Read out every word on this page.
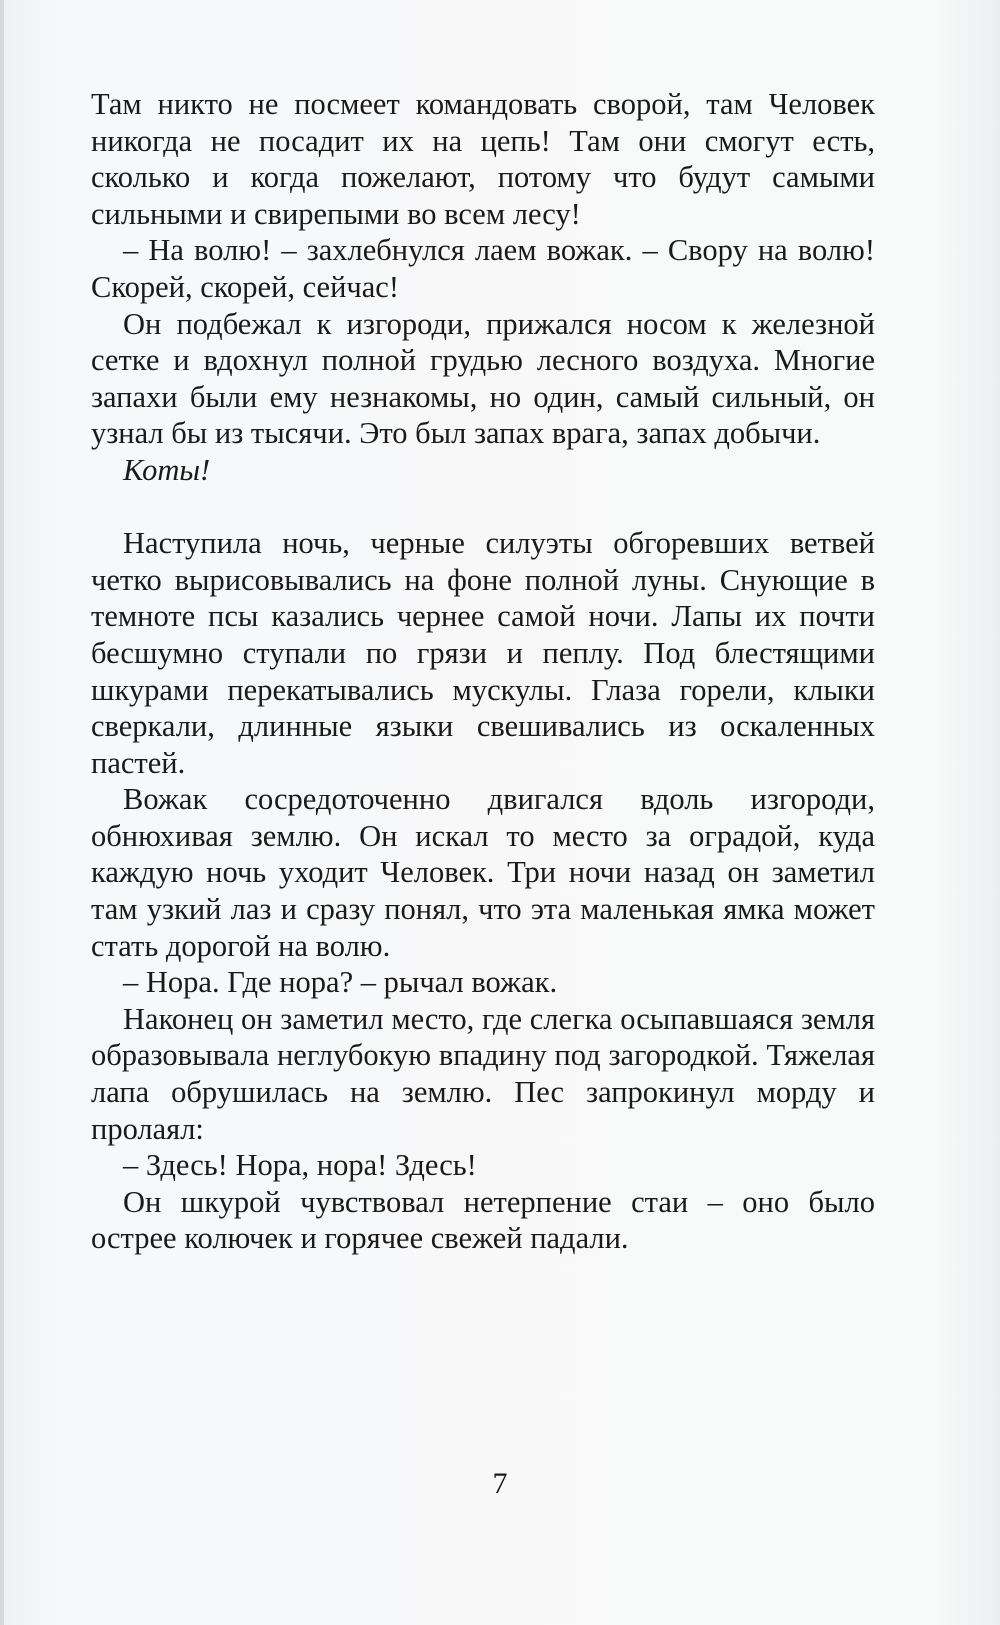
Там никто не посмеет командовать сворой, там Человек никогда не посадит их на цепь! Там они смогут есть, сколько и когда пожелают, потому что будут самыми сильными и свирепыми во всем лесу!

– На волю! – захлебнулся лаем вожак. – Свору на волю! Скорей, скорей, сейчас!

Он подбежал к изгороди, прижался носом к железной сетке и вдохнул полной грудью лесного воздуха. Многие запахи были ему незнакомы, но один, самый сильный, он узнал бы из тысячи. Это был запах врага, запах добычи.

Коты!

Наступила ночь, черные силуэты обгоревших ветвей четко вырисовывались на фоне полной луны. Снующие в темноте псы казались чернее самой ночи. Лапы их почти бесшумно ступали по грязи и пеплу. Под блестящими шкурами перекатывались мускулы. Глаза горели, клыки сверкали, длинные языки свешивались из оскаленных пастей.

Вожак сосредоточенно двигался вдоль изгороди, обнюхивая землю. Он искал то место за оградой, куда каждую ночь уходит Человек. Три ночи назад он заметил там узкий лаз и сразу понял, что эта маленькая ямка может стать дорогой на волю.

– Нора. Где нора? – рычал вожак.

Наконец он заметил место, где слегка осыпавшаяся земля образовывала неглубокую впадину под загородкой. Тяжелая лапа обрушилась на землю. Пес запрокинул морду и пролаял:

– Здесь! Нора, нора! Здесь!

Он шкурой чувствовал нетерпение стаи – оно было острее колючек и горячее свежей падали.

7
